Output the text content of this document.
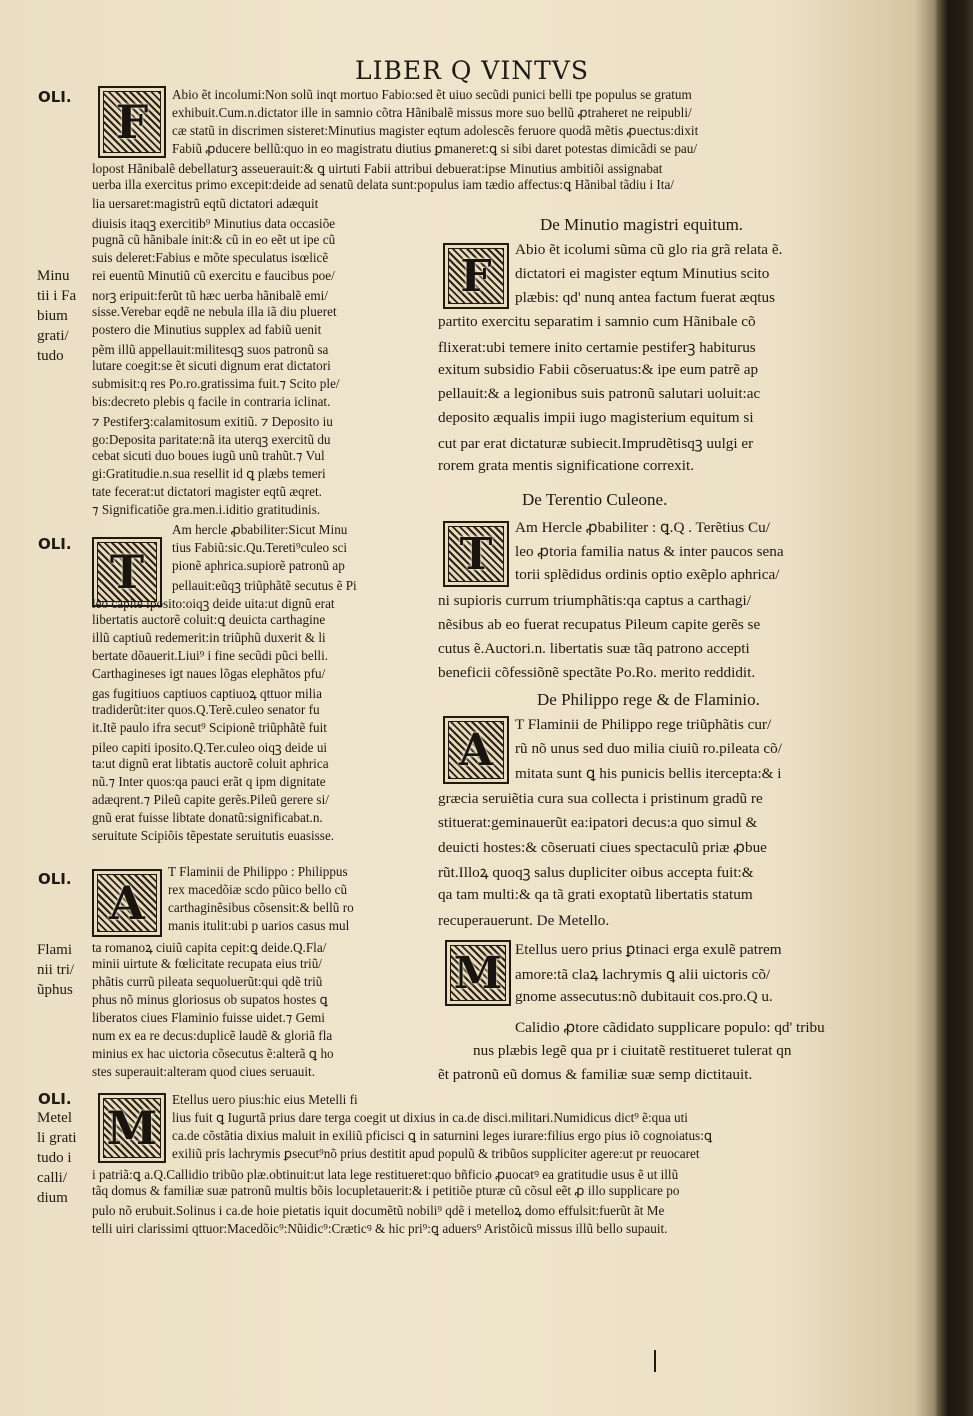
LIBER Q VINTVS
OLI.
Minu
tii i Fa
bium
grati/
tudo
OLI.
OLI.
Flami
nii tri/
ũphus
OLI.
Metel
li grati
tudo i
calli/
dium
F
F
T
A
T
M
M
A
Abio ẽt incolumi:Non solũ inqt mortuo Fabio:sed ẽt uiuo secũdi punici belli tpe populus se gratum
exhibuit.Cum.n.dictator ille in samnio cõtra Hãnibalẽ missus more suo bellũ ꝓtraheret ne reipubli/
cæ statũ in discrimen sisteret:Minutius magister eqtum adolescẽs feruore quodã mẽtis ꝓuectus:dixit
Fabiũ ꝓducere bellũ:quo in eo magistratu diutius ꝑmaneret:ꝗ si sibi daret potestas dimicãdi se pau/
lopost Hãnibalẽ debellaturꝫ asseuerauit:& ꝗ uirtuti Fabii attribui debuerat:ipse Minutius ambitiõi assignabat
uerba illa exercitus primo excepit:deide ad senatũ delata sunt:populus iam tædio affectus:ꝗ Hãnibal tãdiu i Ita/
lia uersaret:magistrũ eqtũ dictatori adæquit
diuisis itaqꝫ exercitib⁹ Minutius data occasiõe
pugnã cũ hãnibale init:& cũ in eo eẽt ut ipe cũ
suis deleret:Fabius e mõte speculatus isœlicẽ
rei euentũ Minutiũ cũ exercitu e faucibus poe/
norꝫ eripuit:ferũt tũ hæc uerba hãnibalẽ emi/
sisse.Verebar eqdẽ ne nebula illa iã diu plueret
postero die Minutius supplex ad fabiũ uenit
pẽm illũ appellauit:militesqꝫ suos patronũ sa
lutare coegit:se ẽt sicuti dignum erat dictatori
submisit:q res Po.ro.gratissima fuit.⁊ Scito ple/
bis:decreto plebis q facile in contraria iclinat.
⁊ Pestiferꝫ:calamitosum exitiũ. ⁊ Deposito iu
go:Deposita paritate:nã ita uterqꝫ exercitũ du
cebat sicuti duo boues iugũ unũ trahũt.⁊ Vul
gi:Gratitudie.n.sua resellit id ꝗ plæbs temeri
tate fecerat:ut dictatori magister eqtũ æqret.
⁊ Significatiõe gra.men.i.iditio gratitudinis.
Am hercle ꝓbabiliter:Sicut Minu
tius Fabiũ:sic.Qu.Tereti⁹culeo sci
pionẽ aphrica.supiorẽ patronũ ap
pellauit:eũqꝫ triũphãtẽ secutus ẽ Pi
leo capite iposito:oiqꝫ deide uita:ut dignũ erat
libertatis auctorẽ coluit:ꝗ deuicta carthagine
illũ captiuũ redemerit:in triũphũ duxerit & li
bertate dõauerit.Liui⁹ i fine secũdi pũci belli.
Carthagineses igt naues lõgas elephãtos pfu/
gas fugitiuos captiuos captiuoꝝ qttuor milia
tradiderũt:iter quos.Q.Terẽ.culeo senator fu
it.Itẽ paulo ifra secut⁹ Scipionẽ triũphãtẽ fuit
pileo capiti iposito.Q.Ter.culeo oiqꝫ deide ui
ta:ut dignũ erat libtatis auctorẽ coluit aphrica
nũ.⁊ Inter quos:qa pauci erãt q ipm dignitate
adæqrent.⁊ Pileũ capite gerẽs.Pileũ gerere si/
gnũ erat fuisse libtate donatũ:significabat.n.
seruitute Scipiõis tẽpestate seruitutis euasisse.
T Flaminii de Philippo : Philippus
rex macedõiæ scdo pũico bello cũ
carthaginẽsibus cõsensit:& bellũ ro
manis itulit:ubi p uarios casus mul
ta romanoꝝ ciuiũ capita cepit:ꝗ deide.Q.Fla/
minii uirtute & fœlicitate recupata eius triũ/
phãtis currũ pileata sequoluerũt:qui qdẽ triũ
phus nõ minus gloriosus ob supatos hostes ꝗ
liberatos ciues Flaminio fuisse uidet.⁊ Gemi
num ex ea re decus:duplicẽ laudẽ & gloriã fla
minius ex hac uictoria cõsecutus ẽ:alterã ꝗ ho
stes superauit:alteram quod ciues seruauit.
Etellus uero pius:hic eius Metelli fi
lius fuit ꝗ Iugurtã prius dare terga coegit ut dixius in ca.de disci.militari.Numidicus dict⁹ ẽ:qua uti
ca.de cõstãtia dixius maluit in exiliũ pficisci ꝗ in saturnini leges iurare:filius ergo pius iõ cognoiatus:ꝗ
exiliũ pris lachrymis ꝑsecut⁹nõ prius destitit apud populũ & tribũos suppliciter agere:ut pr reuocaret
i patriã:ꝗ a.Q.Callidio tribũo plæ.obtinuit:ut lata lege restitueret:quo bñficio ꝓuocatꝰ ea gratitudie usus ẽ ut illũ
tãq domus & familiæ suæ patronũ multis bõis locupletauerit:& i petitiõe pturæ cũ cõsul eẽt ꝓ illo supplicare po
pulo nõ erubuit.Solinus i ca.de hoie pietatis iquit documẽtũ nobili⁹ qdẽ i metelloꝝ domo effulsit:fuerũt ãt Me
telli uiri clarissimi qttuor:Macedõic⁹:Nũidic⁹:Cræticꝰ & hic pri⁹:ꝗ aduers⁹ Aristõicũ missus illũ bello supauit.
De Minutio magistri equitum.
Abio ẽt icolumi sũma cũ glo ria grã relata ẽ.
dictatori ei magister eqtum Minutius scito
plæbis: qd' nunq antea factum fuerat æqtus
partito exercitu separatim i samnio cum Hãnibale cõ
flixerat:ubi temere inito certamie pestiferꝫ habiturus
exitum subsidio Fabii cõseruatus:& ipe eum patrẽ ap
pellauit:& a legionibus suis patronũ salutari uoluit:ac
deposito æqualis impii iugo magisterium equitum si
cut par erat dictaturæ subiecit.Imprudẽtisqꝫ uulgi er
rorem grata mentis significatione correxit.
De Terentio Culeone.
Am Hercle ꝓbabiliter : ꝗ.Q . Terẽtius Cu/
leo ꝓtoria familia natus & inter paucos sena
torii splẽdidus ordinis optio exẽplo aphrica/
ni supioris currum triumphãtis:qa captus a carthagi/
nẽsibus ab eo fuerat recupatus Pileum capite gerẽs se
cutus ẽ.Auctori.n. libertatis suæ tãq patrono accepti
beneficii cõfessiõnẽ spectãte Po.Ro. merito reddidit.
De Philippo rege & de Flaminio.
T Flaminii de Philippo rege triũphãtis cur/
rũ nõ unus sed duo milia ciuiũ ro.pileata cõ/
mitata sunt ꝗ his punicis bellis itercepta:& i
græcia seruiẽtia cura sua collecta i pristinum gradũ re
stituerat:geminauerũt ea:ipatori decus:a quo simul &
deuicti hostes:& cõseruati ciues spectaculũ priæ ꝓbue
rũt.Illoꝝ quoqꝫ salus dupliciter oibus accepta fuit:&
qa tam multi:& qa tã grati exoptatũ libertatis statum
recuperauerunt. De Metello.
Etellus uero prius ꝑtinaci erga exulẽ patrem
amore:tã claꝝ lachrymis ꝗ alii uictoris cõ/
gnome assecutus:nõ dubitauit cos.pro.Q u.
Calidio ꝓtore cãdidato supplicare populo: qd' tribu
nus plæbis legẽ qua pr i ciuitatẽ restitueret tulerat qn
ẽt patronũ eũ domus & familiæ suæ semp dictitauit.
